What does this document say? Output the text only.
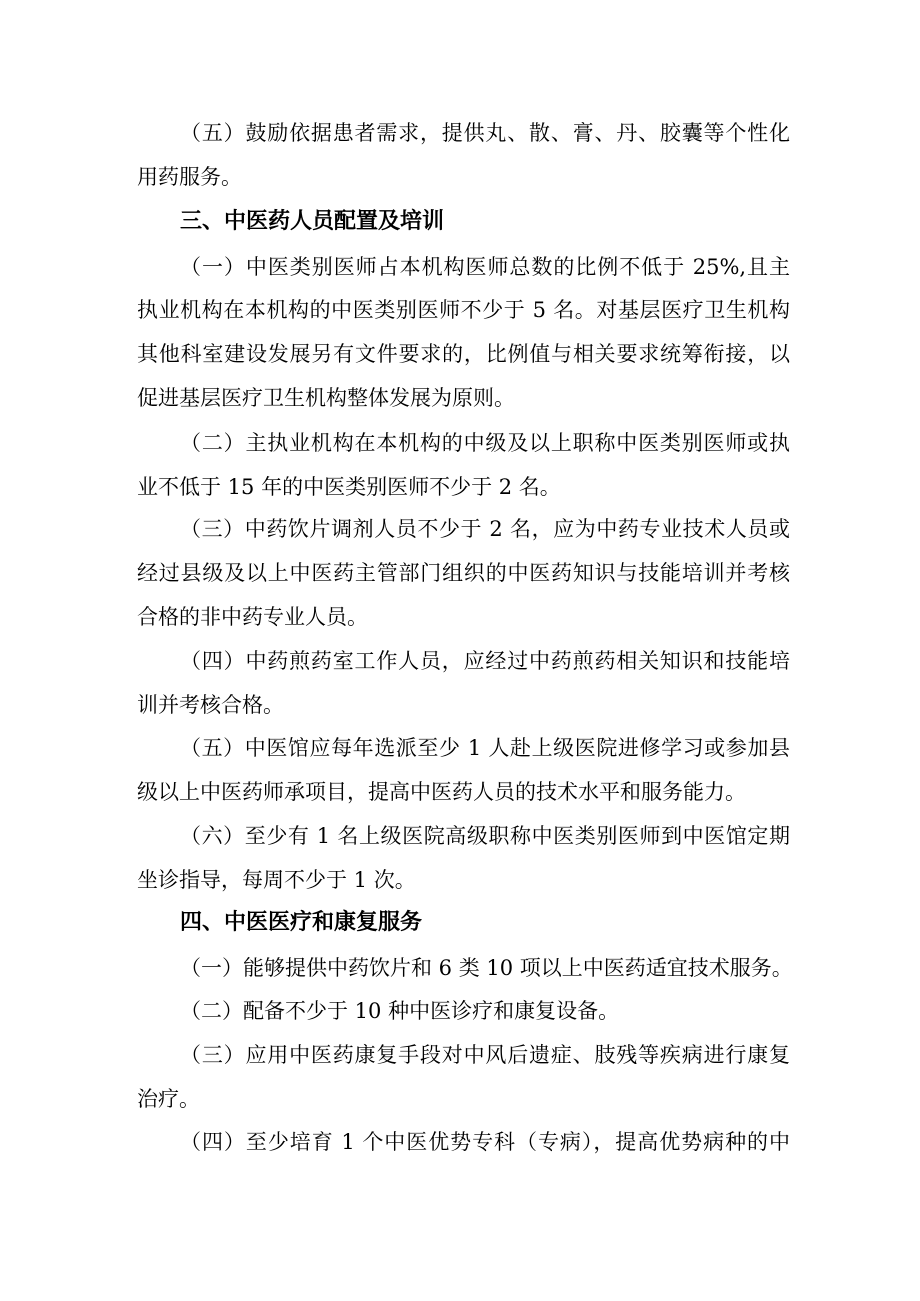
（五）鼓励依据患者需求，提供丸、散、膏、丹、胶囊等个性化
用药服务。
三、中医药人员配置及培训
（一）中医类别医师占本机构医师总数的比例不低于 25%,且主
执业机构在本机构的中医类别医师不少于 5 名。对基层医疗卫生机构
其他科室建设发展另有文件要求的，比例值与相关要求统筹衔接，以
促进基层医疗卫生机构整体发展为原则。
（二）主执业机构在本机构的中级及以上职称中医类别医师或执
业不低于 15 年的中医类别医师不少于 2 名。
（三）中药饮片调剂人员不少于 2 名，应为中药专业技术人员或
经过县级及以上中医药主管部门组织的中医药知识与技能培训并考核
合格的非中药专业人员。
（四）中药煎药室工作人员，应经过中药煎药相关知识和技能培
训并考核合格。
（五）中医馆应每年选派至少 1 人赴上级医院进修学习或参加县
级以上中医药师承项目，提高中医药人员的技术水平和服务能力。
（六）至少有 1 名上级医院高级职称中医类别医师到中医馆定期
坐诊指导，每周不少于 1 次。
四、中医医疗和康复服务
（一）能够提供中药饮片和 6 类 10 项以上中医药适宜技术服务。
（二）配备不少于 10 种中医诊疗和康复设备。
（三）应用中医药康复手段对中风后遗症、肢残等疾病进行康复
治疗。
（四）至少培育 1 个中医优势专科（专病），提高优势病种的中
